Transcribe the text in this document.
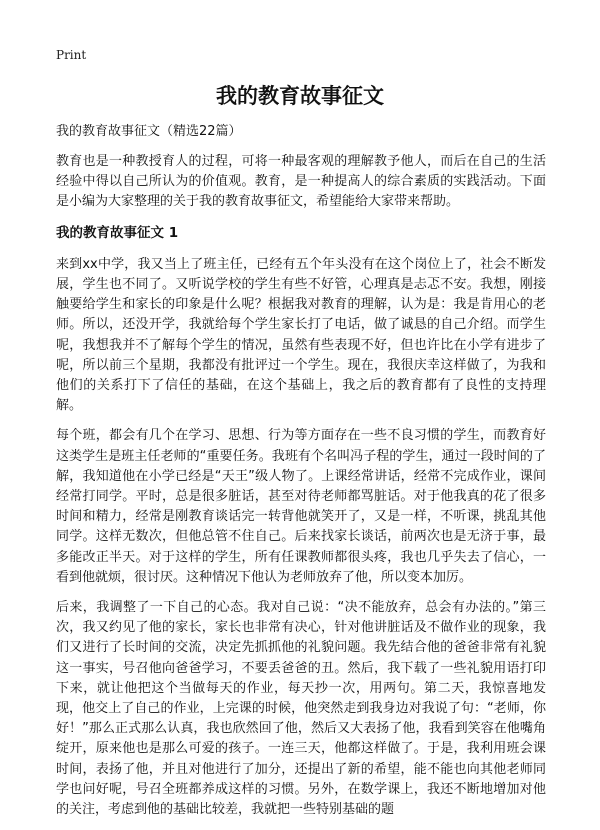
Print
我的教育故事征文
我的教育故事征文（精选22篇）

教育也是一种教授育人的过程，可将一种最客观的理解教予他人，而后在自己的生活经验中得以自己所认为的价值观。教育，是一种提高人的综合素质的实践活动。下面是小编为大家整理的关于我的教育故事征文，希望能给大家带来帮助。

我的教育故事征文 1

来到xx中学，我又当上了班主任，已经有五个年头没有在这个岗位上了，社会不断发展，学生也不同了。又听说学校的学生有些不好管，心理真是忐忑不安。我想，刚接触要给学生和家长的印象是什么呢？根据我对教育的理解，认为是：我是肯用心的老师。所以，还没开学，我就给每个学生家长打了电话，做了诚恳的自己介绍。而学生呢，我想我并不了解每个学生的情况，虽然有些表现不好，但也许比在小学有进步了呢，所以前三个星期，我都没有批评过一个学生。现在，我很庆幸这样做了，为我和他们的关系打下了信任的基础，在这个基础上，我之后的教育都有了良性的支持理解。

每个班，都会有几个在学习、思想、行为等方面存在一些不良习惯的学生，而教育好这类学生是班主任老师的“重要任务。我班有个名叫冯子程的学生，通过一段时间的了解，我知道他在小学已经是“天王”级人物了。上课经常讲话，经常不完成作业，课间经常打同学。平时，总是很多脏话，甚至对待老师都骂脏话。对于他我真的花了很多时间和精力，经常是刚教育谈话完一转背他就笑开了，又是一样，不听课，挑乱其他同学。这样无数次，但他总管不住自己。后来找家长谈话，前两次也是无济于事，最多能改正半天。对于这样的学生，所有任课教师都很头疼，我也几乎失去了信心，一看到他就烦，很讨厌。这种情况下他认为老师放弃了他，所以变本加厉。

后来，我调整了一下自己的心态。我对自己说：“决不能放弃，总会有办法的。”第三次，我又约见了他的家长，家长也非常有决心，针对他讲脏话及不做作业的现象，我们又进行了长时间的交流，决定先抓抓他的礼貌问题。我先结合他的爸爸非常有礼貌这一事实，号召他向爸爸学习，不要丢爸爸的丑。然后，我下载了一些礼貌用语打印下来，就让他把这个当做每天的作业，每天抄一次，用两句。第二天，我惊喜地发现，他交上了自己的作业，上完课的时候，他突然走到我身边对我说了句：“老师，你好！”那么正式那么认真，我也欣然回了他，然后又大表扬了他，我看到笑容在他嘴角绽开，原来他也是那么可爱的孩子。一连三天，他都这样做了。于是，我利用班会课时间，表扬了他，并且对他进行了加分，还提出了新的希望，能不能也向其他老师同学也问好呢，号召全班都养成这样的习惯。另外，在数学课上，我还不断地增加对他的关注，考虑到他的基础比较差，我就把一些特别基础的题
